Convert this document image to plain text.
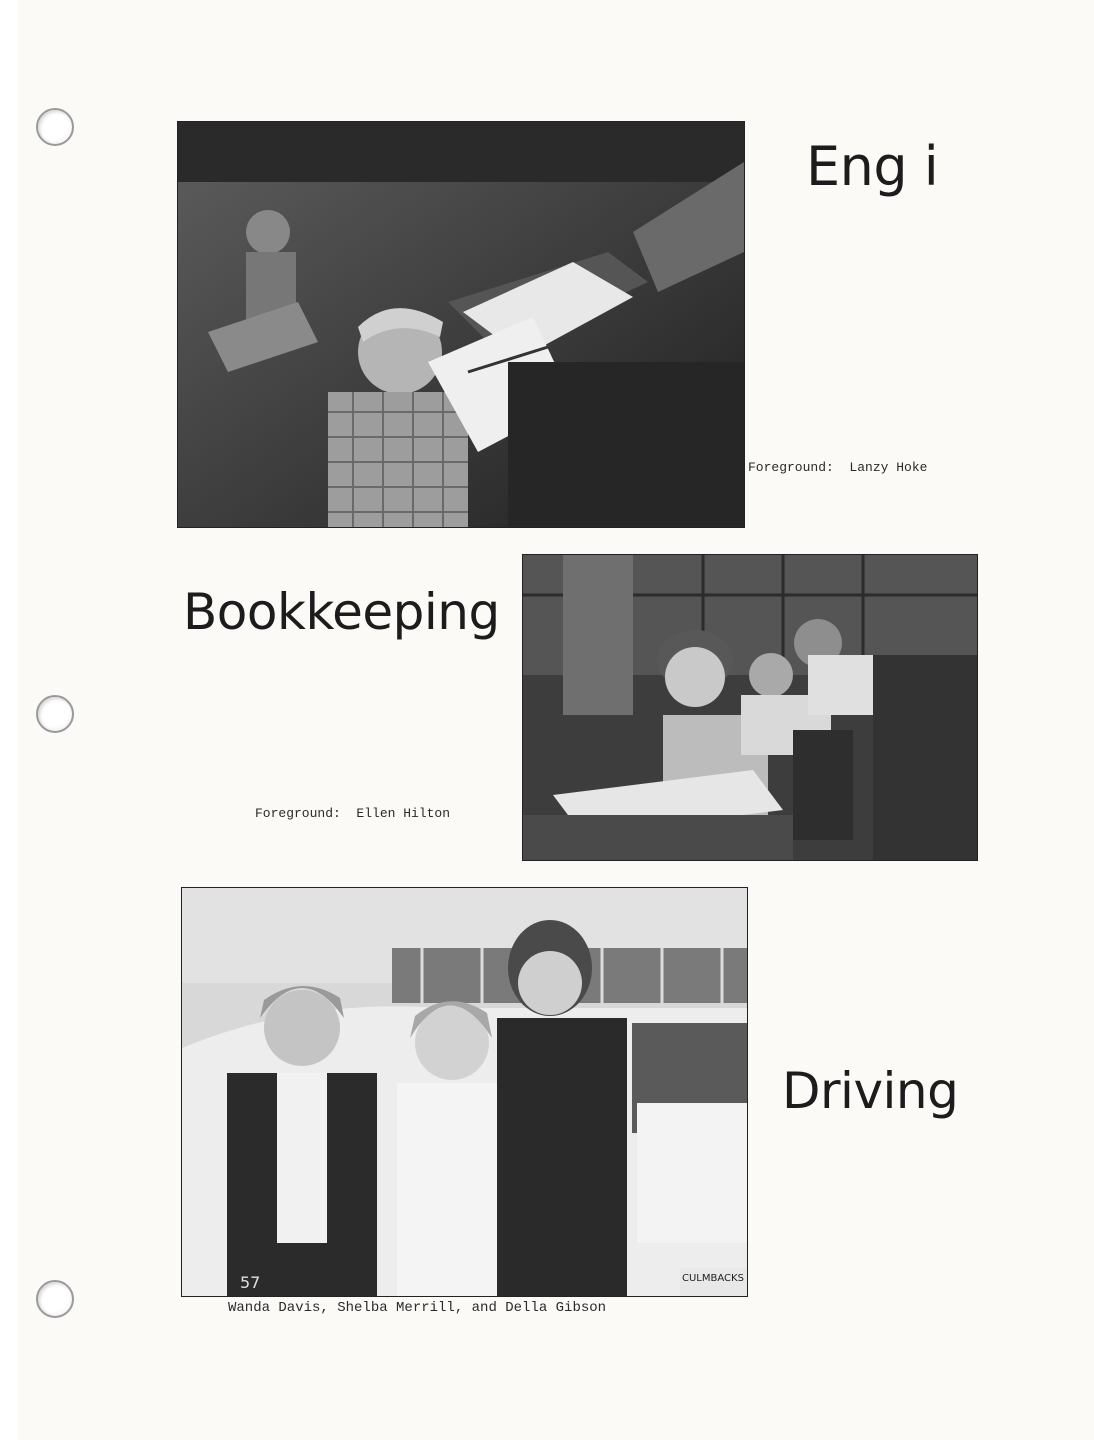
Eng i
Foreground:  Lanzy Hoke
Bookkeeping
Foreground:  Ellen Hilton
CULMBACKS
57
Driving
Wanda Davis, Shelba Merrill, and Della Gibson
